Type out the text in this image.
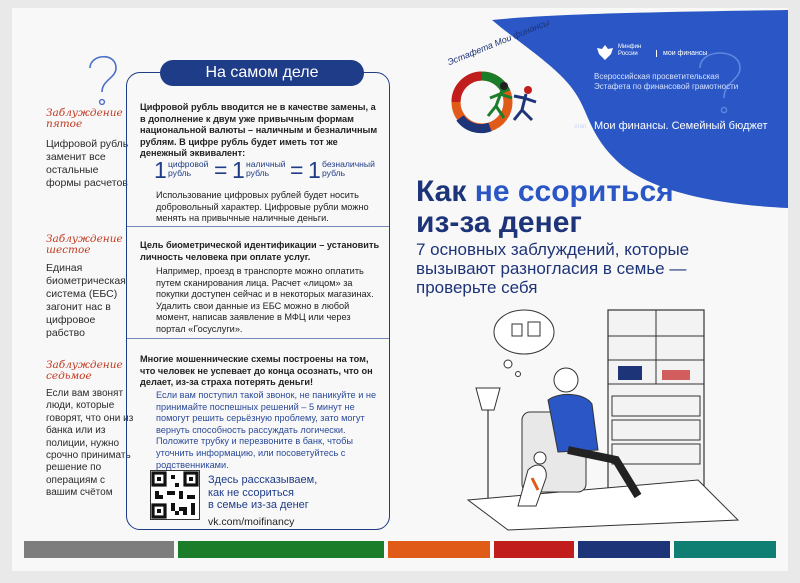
Заблуждение
пятое
Цифровой рубль заменит все остальные формы расчетов
Заблуждение
шестое
Единая биометрическая система (ЕБС) загонит нас в цифровое рабство
Заблуждение
седьмое
Если вам звонят люди, которые говорят, что они из банка или из полиции, нужно срочно принимать решение по операциям с вашим счётом
На самом деле
Цифровой рубль вводится не в качестве замены, а в дополнение к двум уже привычным формам национальной валюты – наличным и безналичным рублям. В цифре рубль будет иметь тот же денежный эквивалент:
1 цифровой
рубль = 1 наличный
рубль = 1 безналичный
рубль
Использование цифровых рублей будет носить добровольный характер. Цифровые рубли можно менять на привычные наличные деньги.
Цель биометрической идентификации – установить личность человека при оплате услуг.
Например, проезд в транспорте можно оплатить путем сканирования лица. Расчет «лицом» за покупки доступен сейчас и в некоторых магазинах. Удалить свои данные из ЕБС можно в любой момент, написав заявление в МФЦ или через портал «Госуслуги».
Многие мошеннические схемы построены на том, что человек не успевает до конца осознать, что он делает, из-за страха потерять деньги!
Если вам поступил такой звонок, не паникуйте и не принимайте поспешных решений – 5 минут не помогут решить серьёзную проблему, зато могут вернуть способность рассуждать логически. Положите трубку и перезвоните в банк, чтобы уточнить информацию, или посоветуйтесь с родственниками.
Здесь рассказываем,
как не ссориться
в семье из-за денег
vk.com/moifinancy
Эстафета Мои финансы	Минфин
России	мои финансы
Всероссийская просветительская
Эстафета по финансовой грамотности
этап Мои финансы. Семейный бюджет
Как не ссориться
из-за денег
7 основных заблуждений, которые
вызывают разногласия в семье —
проверьте себя
